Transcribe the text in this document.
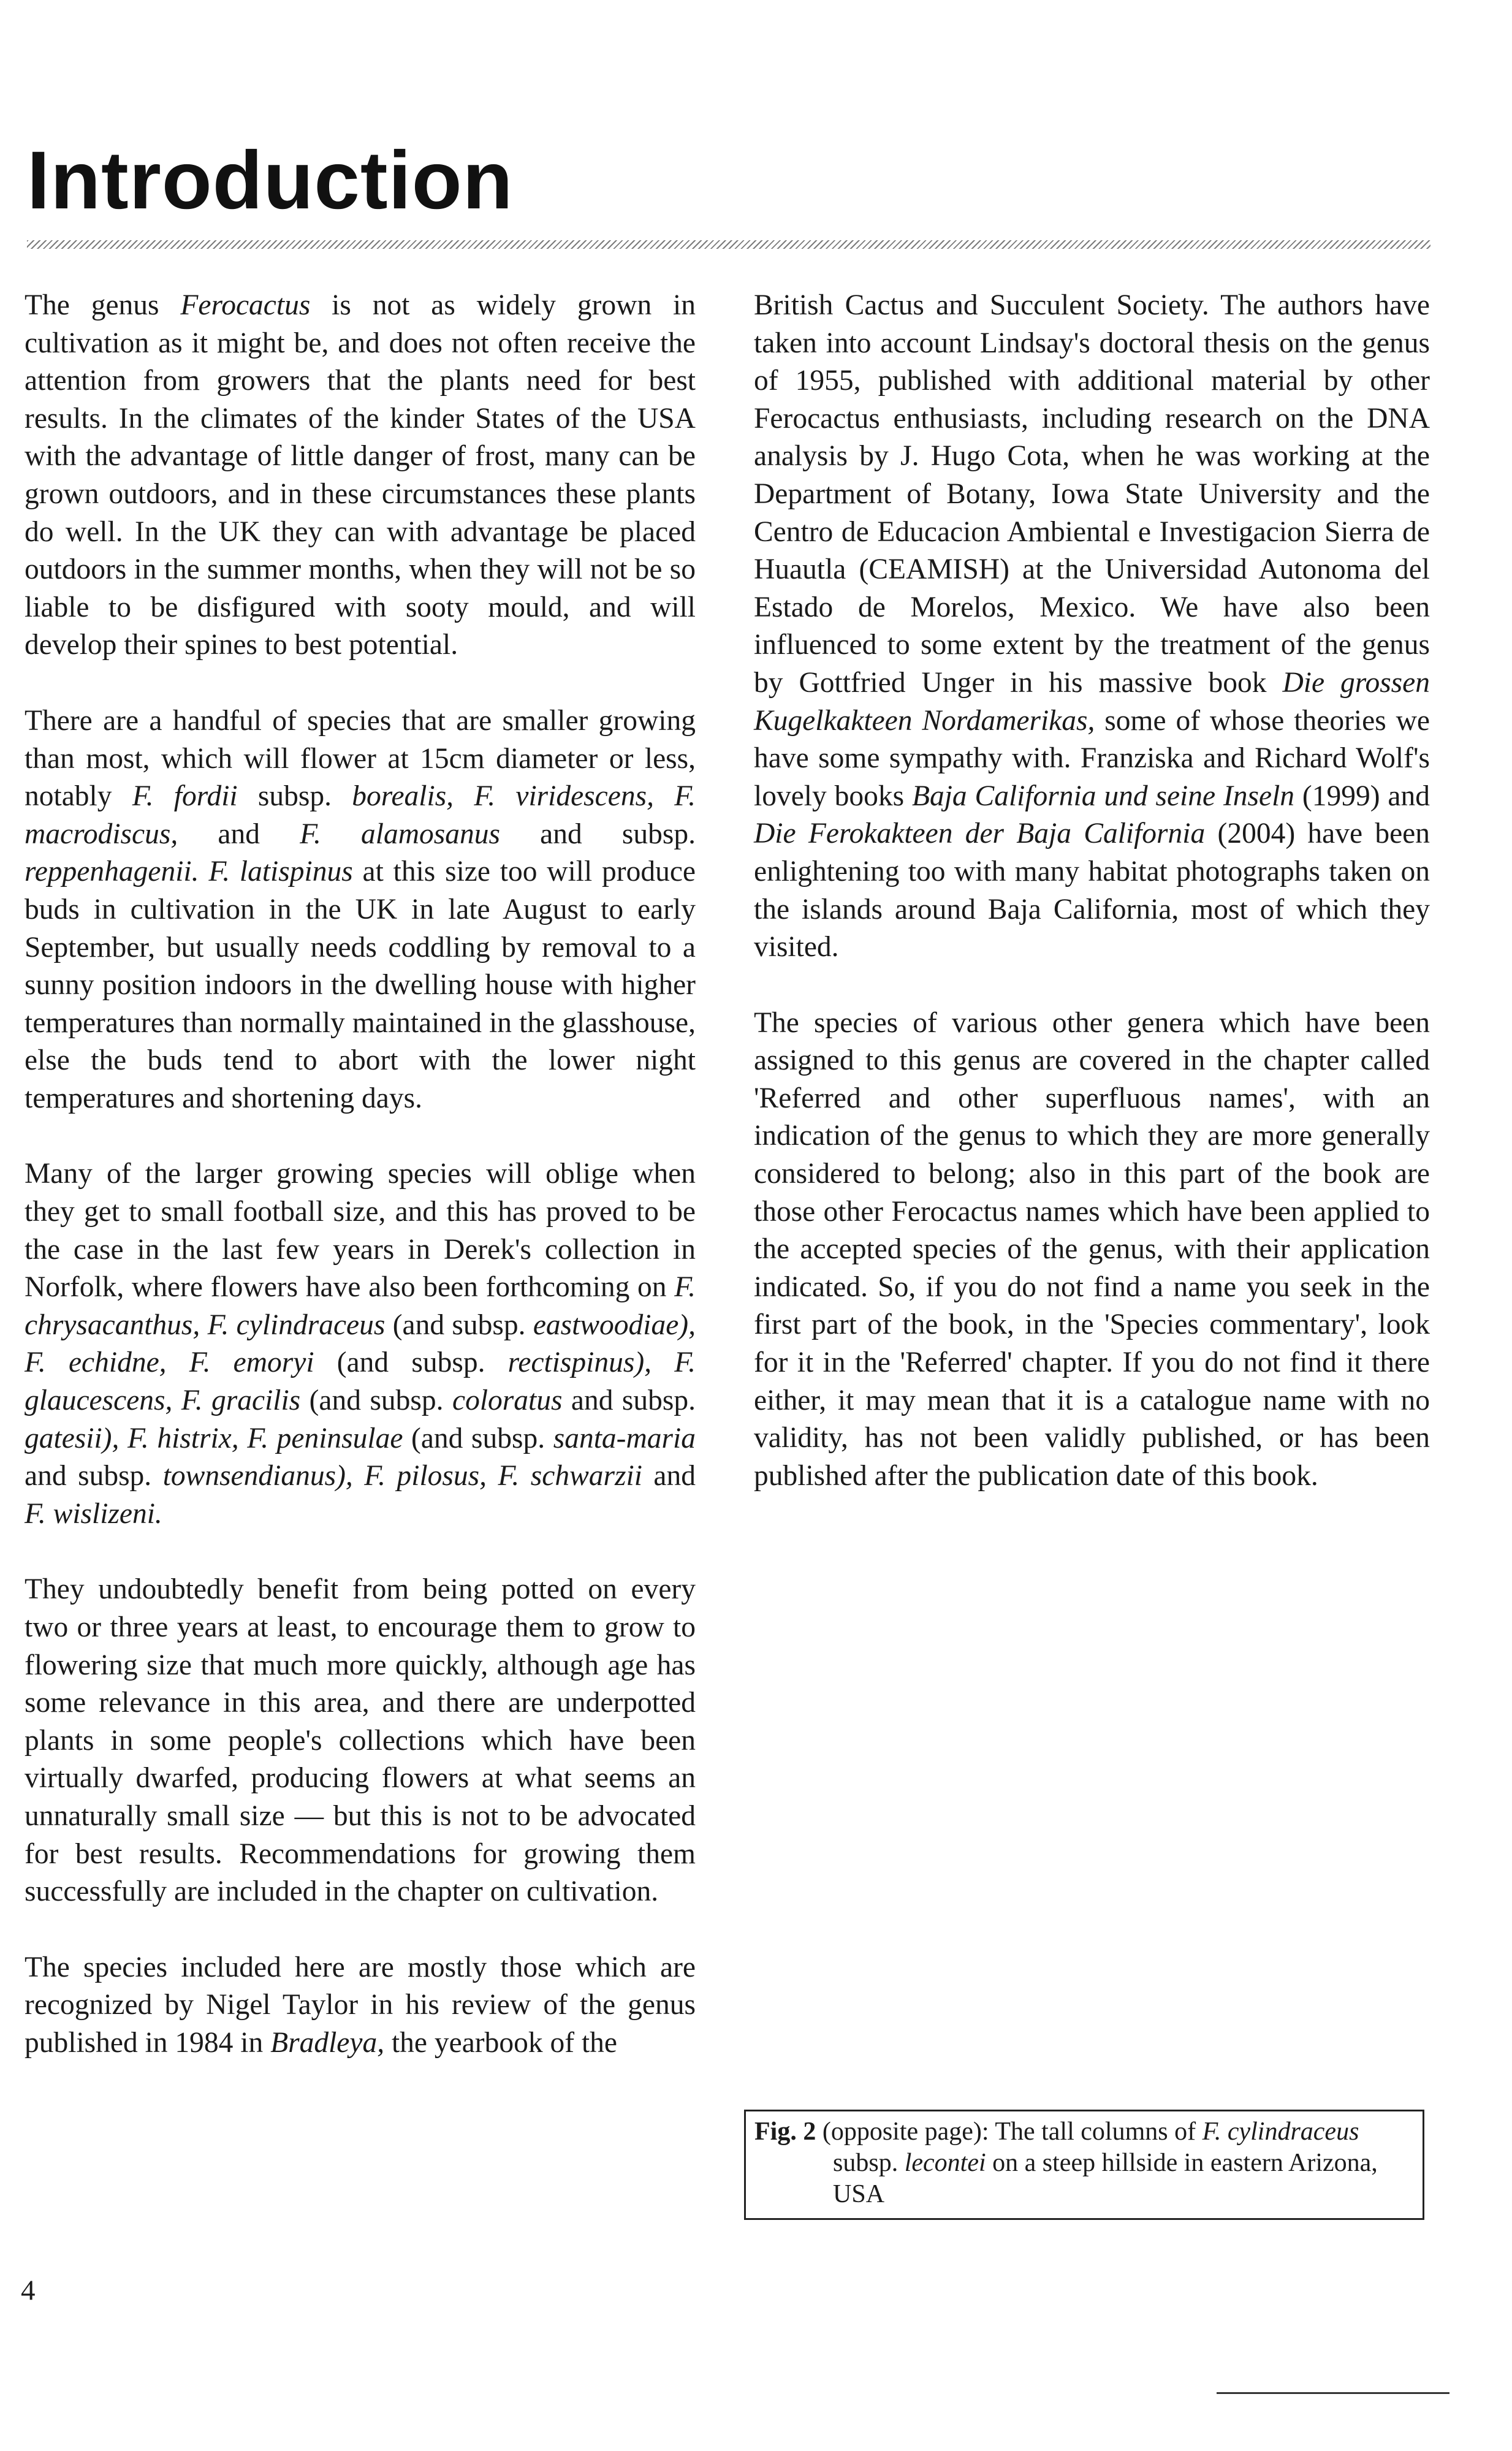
Introduction

The genus Ferocactus is not as widely grown in cultivation as it might be, and does not often receive the attention from growers that the plants need for best results. In the climates of the kinder States of the USA with the advantage of little danger of frost, many can be grown outdoors, and in these circumstances these plants do well. In the UK they can with advantage be placed outdoors in the summer months, when they will not be so liable to be disfigured with sooty mould, and will develop their spines to best potential.

There are a handful of species that are smaller growing than most, which will flower at 15cm diameter or less, notably F. fordii subsp. borealis, F. viridescens, F. macrodiscus, and F. alamosanus and subsp. reppenhagenii. F. latispinus at this size too will produce buds in cultivation in the UK in late August to early September, but usually needs coddling by removal to a sunny position indoors in the dwelling house with higher temperatures than normally maintained in the glasshouse, else the buds tend to abort with the lower night temperatures and shortening days.

Many of the larger growing species will oblige when they get to small football size, and this has proved to be the case in the last few years in Derek's collection in Norfolk, where flowers have also been forthcoming on F. chrysacanthus, F. cylindraceus (and subsp. eastwoodiae), F. echidne, F. emoryi (and subsp. rectispinus), F. glaucescens, F. gracilis (and subsp. coloratus and subsp. gatesii), F. histrix, F. peninsulae (and subsp. santa-maria and subsp. townsendianus), F. pilosus, F. schwarzii and F. wislizeni.

They undoubtedly benefit from being potted on every two or three years at least, to encourage them to grow to flowering size that much more quickly, although age has some relevance in this area, and there are underpotted plants in some people's collections which have been virtually dwarfed, producing flowers at what seems an unnaturally small size — but this is not to be advocated for best results. Recommendations for growing them successfully are included in the chapter on cultivation.

The species included here are mostly those which are recognized by Nigel Taylor in his review of the genus published in 1984 in Bradleya, the yearbook of the

British Cactus and Succulent Society. The authors have taken into account Lindsay's doctoral thesis on the genus of 1955, published with additional material by other Ferocactus enthusiasts, including research on the DNA analysis by J. Hugo Cota, when he was working at the Department of Botany, Iowa State University and the Centro de Educacion Ambiental e Investigacion Sierra de Huautla (CEAMISH) at the Universidad Autonoma del Estado de Morelos, Mexico. We have also been influenced to some extent by the treatment of the genus by Gottfried Unger in his massive book Die grossen Kugelkakteen Nordamerikas, some of whose theories we have some sympathy with. Franziska and Richard Wolf's lovely books Baja California und seine Inseln (1999) and Die Ferokakteen der Baja California (2004) have been enlightening too with many habitat photographs taken on the islands around Baja California, most of which they visited.

The species of various other genera which have been assigned to this genus are covered in the chapter called 'Referred and other superfluous names', with an indication of the genus to which they are more generally considered to belong; also in this part of the book are those other Ferocactus names which have been applied to the accepted species of the genus, with their application indicated. So, if you do not find a name you seek in the first part of the book, in the 'Species commentary', look for it in the 'Referred' chapter. If you do not find it there either, it may mean that it is a catalogue name with no validity, has not been validly published, or has been published after the publication date of this book.

Fig. 2 (opposite page): The tall columns of F. cylindraceus
subsp. lecontei on a steep hillside in eastern Arizona, USA
4
